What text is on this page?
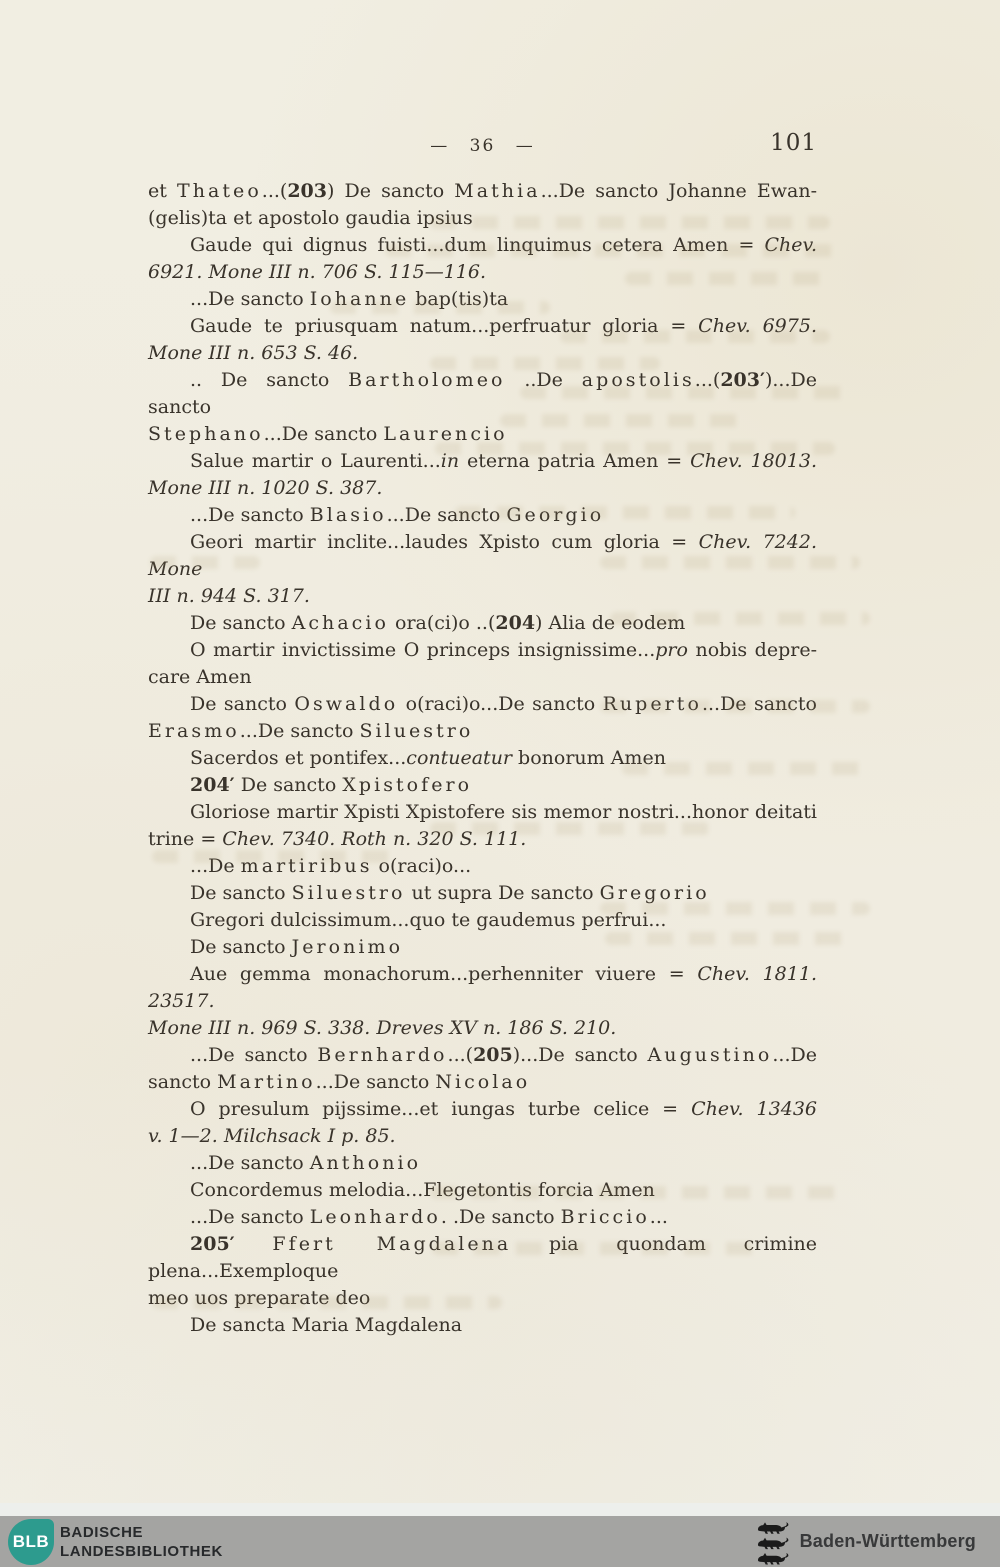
— 36 —	101
et Thateo...(203) De sancto Mathia...De sancto Johanne Ewan-
(gelis)ta et apostolo gaudia ipsius
Gaude qui dignus fuisti...dum linquimus cetera Amen = Chev.
6921. Mone III n. 706 S. 115—116.
...De sancto Iohanne bap(tis)ta
Gaude te priusquam natum...perfruatur gloria = Chev. 6975.
Mone III n. 653 S. 46.
.. De sancto Bartholomeo ..De apostolis...(203′)...De sancto
Stephano...De sancto Laurencio
Salue martir o Laurenti...in eterna patria Amen = Chev. 18013.
Mone III n. 1020 S. 387.
...De sancto Blasio...De sancto Georgio
Geori martir inclite...laudes Xpisto cum gloria = Chev. 7242. Mone
III n. 944 S. 317.
De sancto Achacio ora(ci)o ..(204) Alia de eodem
O martir invictissime O princeps insignissime...pro nobis depre-
care Amen
De sancto Oswaldo o(raci)o...De sancto Ruperto...De sancto
Erasmo...De sancto Siluestro
Sacerdos et pontifex...contueatur bonorum Amen
204′ De sancto Xpistofero
Gloriose martir Xpisti Xpistofere sis memor nostri...honor deitati
trine = Chev. 7340. Roth n. 320 S. 111.
...De martiribus o(raci)o...
De sancto Siluestro ut supra De sancto Gregorio
Gregori dulcissimum...quo te gaudemus perfrui...
De sancto Jeronimo
Aue gemma monachorum...perhenniter viuere = Chev. 1811. 23517.
Mone III n. 969 S. 338. Dreves XV n. 186 S. 210.
...De sancto Bernhardo...(205)...De sancto Augustino...De
sancto Martino...De sancto Nicolao
O presulum pijssime...et iungas turbe celice = Chev. 13436
v. 1—2. Milchsack I p. 85.
...De sancto Anthonio
Concordemus melodia...Flegetontis forcia Amen
...De sancto Leonhardo. .De sancto Briccio...
205′ Ffert Magdalena pia quondam crimine plena...Exemploque
meo uos preparate deo
De sancta Maria Magdalena
BLB BADISCHE
LANDESBIBLIOTHEK
Baden-Württemberg
